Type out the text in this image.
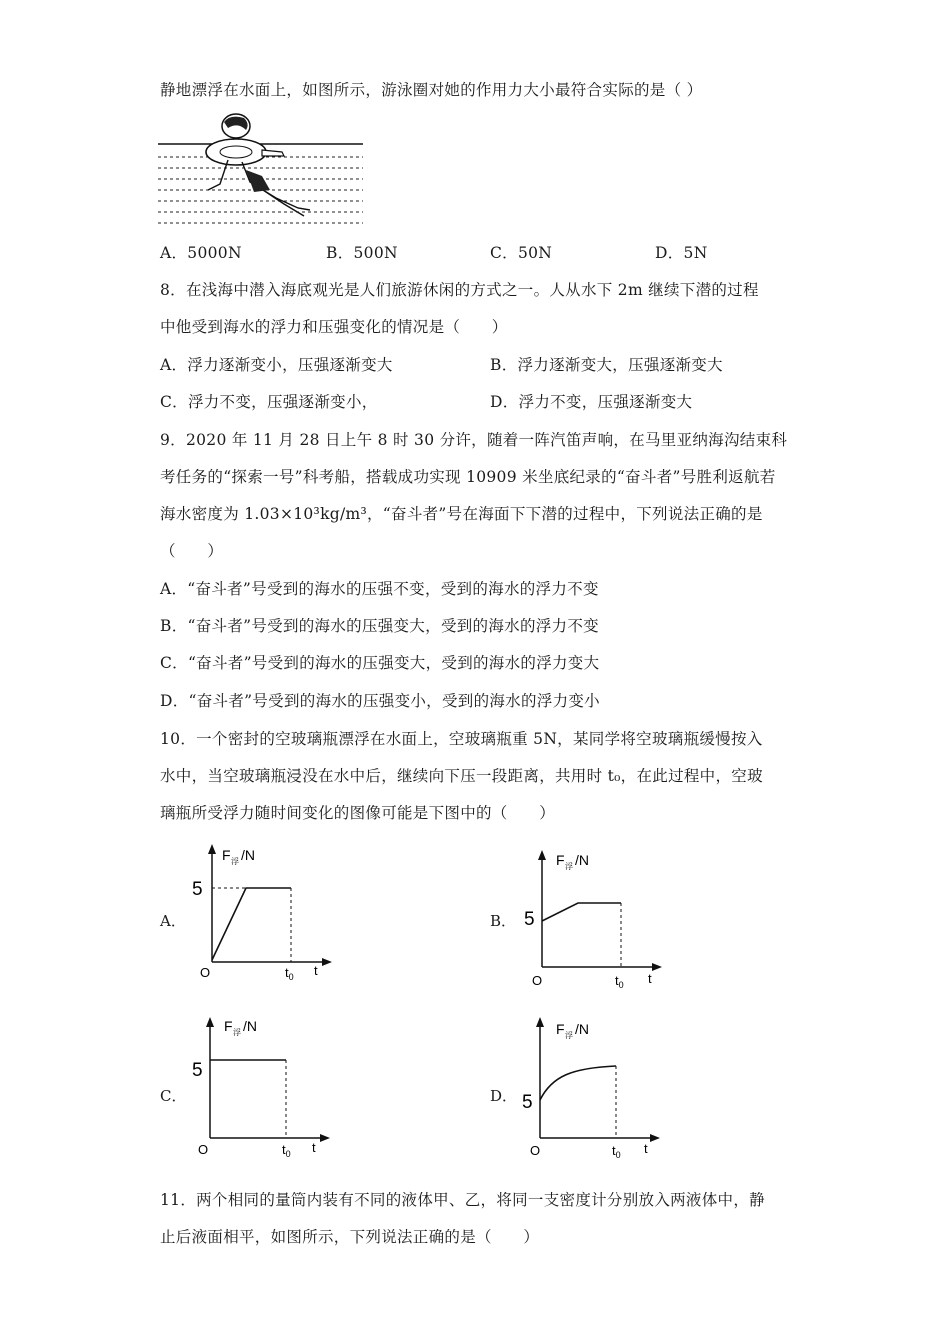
静地漂浮在水面上，如图所示，游泳圈对她的作用力大小最符合实际的是（ ）
A．5000N	B．500N	C．50N	D．5N
8．在浅海中潜入海底观光是人们旅游休闲的方式之一。人从水下 2m 继续下潜的过程
中他受到海水的浮力和压强变化的情况是（　　）
A．浮力逐渐变小，压强逐渐变大	B．浮力逐渐变大，压强逐渐变大
C．浮力不变，压强逐渐变小，	D．浮力不变，压强逐渐变大
9．2020 年 11 月 28 日上午 8 时 30 分许，随着一阵汽笛声响，在马里亚纳海沟结束科
考任务的“探索一号”科考船，搭载成功实现 10909 米坐底纪录的“奋斗者”号胜利返航若
海水密度为 1.03×10³kg/m³，“奋斗者”号在海面下下潜的过程中，下列说法正确的是
（　　）
A．“奋斗者”号受到的海水的压强不变，受到的海水的浮力不变
B．“奋斗者”号受到的海水的压强变大，受到的海水的浮力不变
C．“奋斗者”号受到的海水的压强变大，受到的海水的浮力变大
D．“奋斗者”号受到的海水的压强变小，受到的海水的浮力变小
10．一个密封的空玻璃瓶漂浮在水面上，空玻璃瓶重 5N，某同学将空玻璃瓶缓慢按入
水中，当空玻璃瓶浸没在水中后，继续向下压一段距离，共用时 t₀，在此过程中，空玻
璃瓶所受浮力随时间变化的图像可能是下图中的（　　）
A．
F 浮 /N
5
O	$t_0$ t
B．
F 浮 /N
5
O	$t_0$ t
C．
F 浮 /N
5
O	$t_0$ t
D．
F 浮 /N
5
O	$t_0$ t
11．两个相同的量筒内装有不同的液体甲、乙，将同一支密度计分别放入两液体中，静
止后液面相平，如图所示，下列说法正确的是（　　）
